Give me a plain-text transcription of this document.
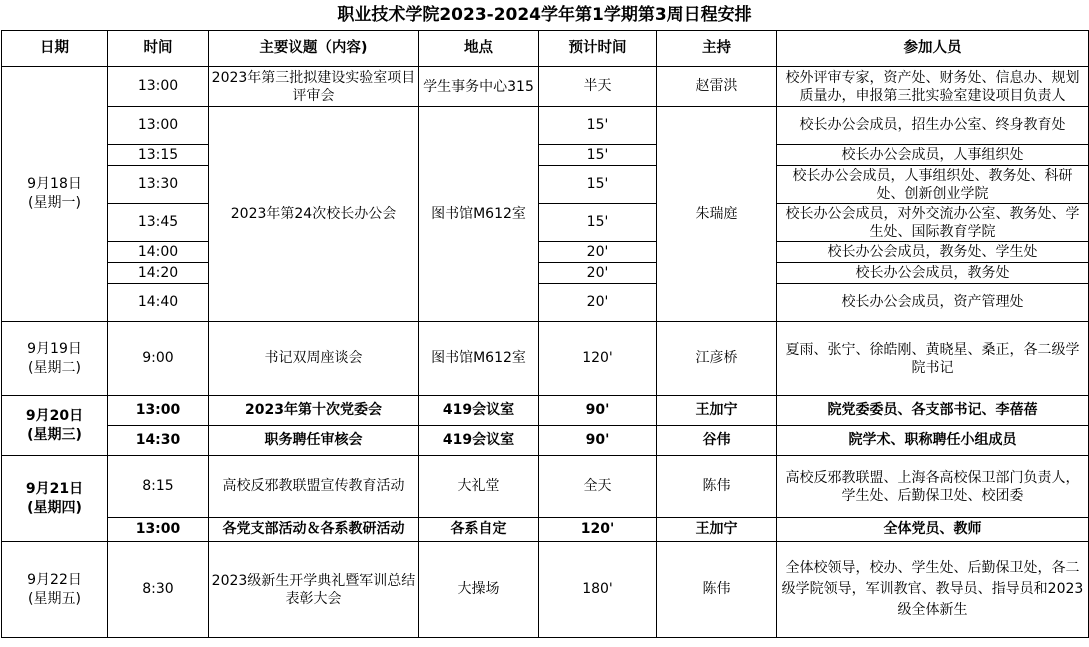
职业技术学院2023-2024学年第1学期第3周日程安排
日期	时间	主要议题（内容)	地点	预计时间	主持	参加人员

9月18日
(星期一)	13:00	2023年第三批拟建设实验室项目评审会	学生事务中心315	半天	赵雷洪	校外评审专家，资产处、财务处、信息办、规划质量办，申报第三批实验室建设项目负责人
	13:00	2023年第24次校长办公会	图书馆M612室	15'	朱瑞庭	校长办公会成员，招生办公室、终身教育处
	13:15			15'		校长办公会成员，人事组织处
	13:30			15'		校长办公会成员，人事组织处、教务处、科研处、创新创业学院
	13:45			15'		校长办公会成员，对外交流办公室、教务处、学生处、国际教育学院
	14:00			20'		校长办公会成员，教务处、学生处
	14:20			20'		校长办公会成员，教务处
	14:40			20'		校长办公会成员，资产管理处

9月19日
(星期二)	9:00	书记双周座谈会	图书馆M612室	120'	江彦桥	夏雨、张宁、徐皓刚、黄晓星、桑正，各二级学院书记

9月20日
(星期三)	13:00	2023年第十次党委会	419会议室	90'	王加宁	院党委委员、各支部书记、李蓓蓓
	14:30	职务聘任审核会	419会议室	90'	谷伟	院学术、职称聘任小组成员

9月21日
(星期四)	8:15	高校反邪教联盟宣传教育活动	大礼堂	全天	陈伟	高校反邪教联盟、上海各高校保卫部门负责人，学生处、后勤保卫处、校团委
	13:00	各党支部活动＆各系教研活动	各系自定	120'	王加宁	全体党员、教师

9月22日
(星期五)	8:30	2023级新生开学典礼暨军训总结表彰大会	大操场	180'	陈伟	全体校领导，校办、学生处、后勤保卫处，各二级学院领导，军训教官、教导员、指导员和2023级全体新生
